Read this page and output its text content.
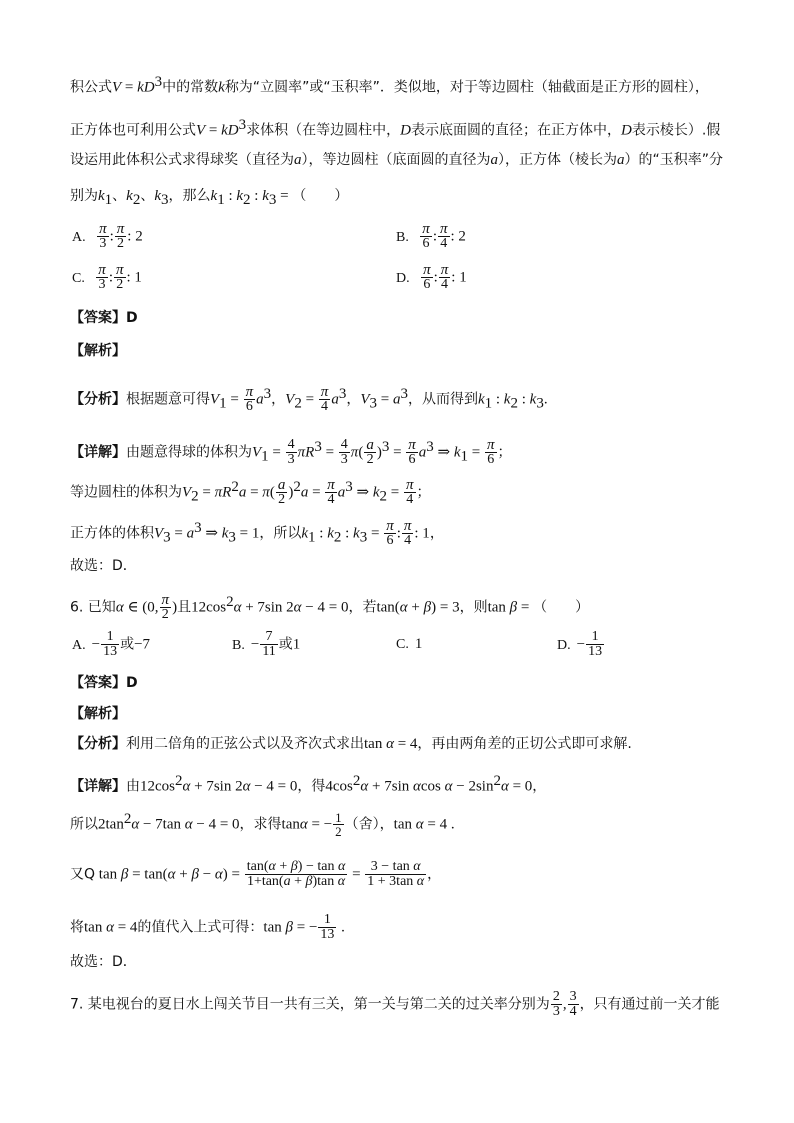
积公式$V = kD^3$中的常数k称为“立圆率”或“玉积率”．类似地，对于等边圆柱（轴截面是正方形的圆柱），
正方体也可利用公式$V = kD^3$求体积（在等边圆柱中，D表示底面圆的直径；在正方体中，D表示棱长）.假
设运用此体积公式求得球奖（直径为a），等边圆柱（底面圆的直径为a），正方体（棱长为a）的“玉积率”分
别为$k_1$、$k_2$、$k_3$，那么$k_1$ : $k_2$ : $k_3$ = （　　）
A. $\frac{\pi}{3}$ : $\frac{\pi}{2}$ : 2	B. $\frac{\pi}{6}$ : $\frac{\pi}{4}$ : 2
C. $\frac{\pi}{3}$ : $\frac{\pi}{2}$ : 1	D. $\frac{\pi}{6}$ : $\frac{\pi}{4}$ : 1
【答案】D
【解析】
【分析】根据题意可得$V_1 = \frac{\pi}{6} a^3$，$V_2 = \frac{\pi}{4} a^3$，$V_3 = a^3$，从而得到$k_1$ : $k_2$ : $k_3$.
【详解】由题意得球的体积为$V_1 = \frac{4}{3} \pi R^3 = \frac{4}{3} \pi( \frac{a}{2} )^3 = \frac{\pi}{6} a^3$ ⇒ $k_1 = \frac{\pi}{6}$ ；
等边圆柱的体积为$V_2 = \pi R^2a = \pi( \frac{a}{2} )^2a = \frac{\pi}{4} a^3$ ⇒ $k_2 = \frac{\pi}{4}$ ；
正方体的体积$V_3 = a^3$ ⇒ $k_3 = 1$，所以$k_1$ : $k_2$ : $k_3 = \frac{\pi}{6}$ : $\frac{\pi}{4}$ : 1，
故选：D．
6. 已知α ∈ (0, $\frac{\pi}{2}$ )且$12\cos^2\alpha + 7\sin$ 2α − 4 = 0，若tan(α + β) = 3，则tan β = （　　）
A. − $\frac{1}{13}$ 或−7	B. − $\frac{7}{11}$ 或1	C. 1	D. − $\frac{1}{13}$
【答案】D
【解析】
【分析】利用二倍角的正弦公式以及齐次式求出tan α = 4，再由两角差的正切公式即可求解.
【详解】由$12\cos^2\alpha + 7\sin$ 2α − 4 = 0，得$4\cos^2\alpha + 7\sin$ αcos $\alpha - 2\sin^2\alpha = 0$，
所以$2\tan^2\alpha - 7\tan$ α − 4 = 0，求得tanα = − $\frac{1}{2}$ （舍），tan α = 4 .
又Q $\tan \beta = \tan(\alpha + \beta - \alpha) = \frac{\text{tan(α + β) − tan α}}{\text{1+tan(a + β)tan α}} = \frac{\text{3 − tan α}}{\text{1 + 3tan α}}$ ，
将tan α = 4的值代入上式可得：tan β = − $\frac{1}{13}$ .
故选：D．
7. 某电视台的夏日水上闯关节目一共有三关，第一关与第二关的过关率分别为 $\frac{2}{3}$ , $\frac{3}{4}$ ，只有通过前一关才能
